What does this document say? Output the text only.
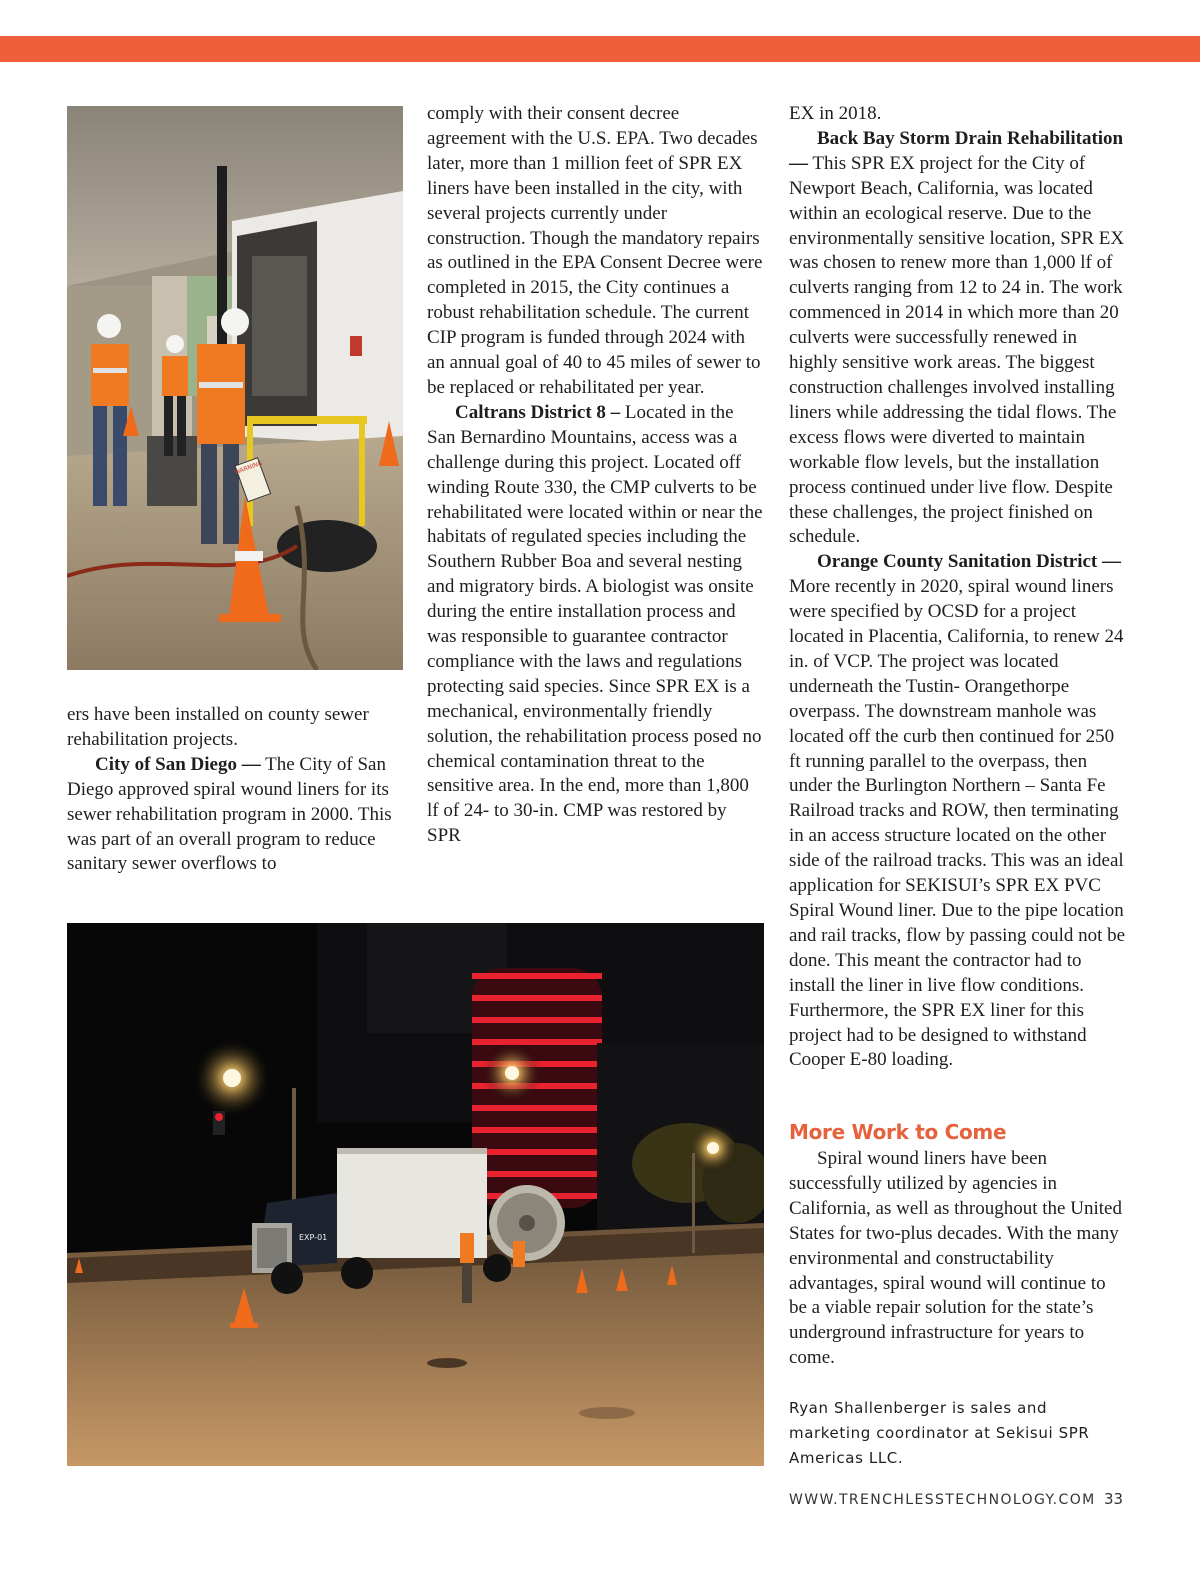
WARNING

ers have been installed on county sewer rehabilitation projects.

City of San Diego — The City of San Diego approved spiral wound liners for its sewer rehabilitation program in 2000. This was part of an overall program to reduce sanitary sewer overflows to

comply with their consent decree agreement with the U.S. EPA. Two decades later, more than 1 million feet of SPR EX liners have been installed in the city, with several projects currently under construction. Though the mandatory repairs as outlined in the EPA Consent Decree were completed in 2015, the City continues a robust rehabilitation schedule. The current CIP program is funded through 2024 with an annual goal of 40 to 45 miles of sewer to be replaced or rehabilitated per year.

Caltrans District 8 – Located in the San Bernardino Mountains, access was a challenge during this project. Located off winding Route 330, the CMP culverts to be rehabilitated were located within or near the habitats of regulated species including the Southern Rubber Boa and several nesting and migratory birds. A biologist was onsite during the entire installation process and was responsible to guarantee contractor compliance with the laws and regulations protecting said species. Since SPR EX is a mechanical, environmentally friendly solution, the rehabilitation process posed no chemical contamination threat to the sensitive area. In the end, more than 1,800 lf of 24- to 30-in. CMP was restored by SPR

EX in 2018.

Back Bay Storm Drain Rehabilitation — This SPR EX project for the City of Newport Beach, California, was located within an ecological reserve. Due to the environmentally sensitive location, SPR EX was chosen to renew more than 1,000 lf of culverts ranging from 12 to 24 in. The work commenced in 2014 in which more than 20 culverts were successfully renewed in highly sensitive work areas. The biggest construction challenges involved installing liners while addressing the tidal flows. The excess flows were diverted to maintain workable flow levels, but the installation process continued under live flow. Despite these challenges, the project finished on schedule.

Orange County Sanitation District — More recently in 2020, spiral wound liners were specified by OCSD for a project located in Placentia, California, to renew 24 in. of VCP. The project was located underneath the Tustin- Orangethorpe overpass. The downstream manhole was located off the curb then continued for 250 ft running parallel to the overpass, then under the Burlington Northern – Santa Fe Railroad tracks and ROW, then terminating in an access structure located on the other side of the railroad tracks. This was an ideal application for SEKISUI’s SPR EX PVC Spiral Wound liner. Due to the pipe location and rail tracks, flow by passing could not be done. This meant the contractor had to install the liner in live flow conditions. Furthermore, the SPR EX liner for this project had to be designed to withstand Cooper E-80 loading.

EXP-01
More Work to Come

Spiral wound liners have been successfully utilized by agencies in California, as well as throughout the United States for two-plus decades. With the many environmental and constructability advantages, spiral wound will continue to be a viable repair solution for the state’s underground infrastructure for years to come.

Ryan Shallenberger is sales and marketing coordinator at Sekisui SPR Americas LLC.

WWW.TRENCHLESSTECHNOLOGY.COM 33
